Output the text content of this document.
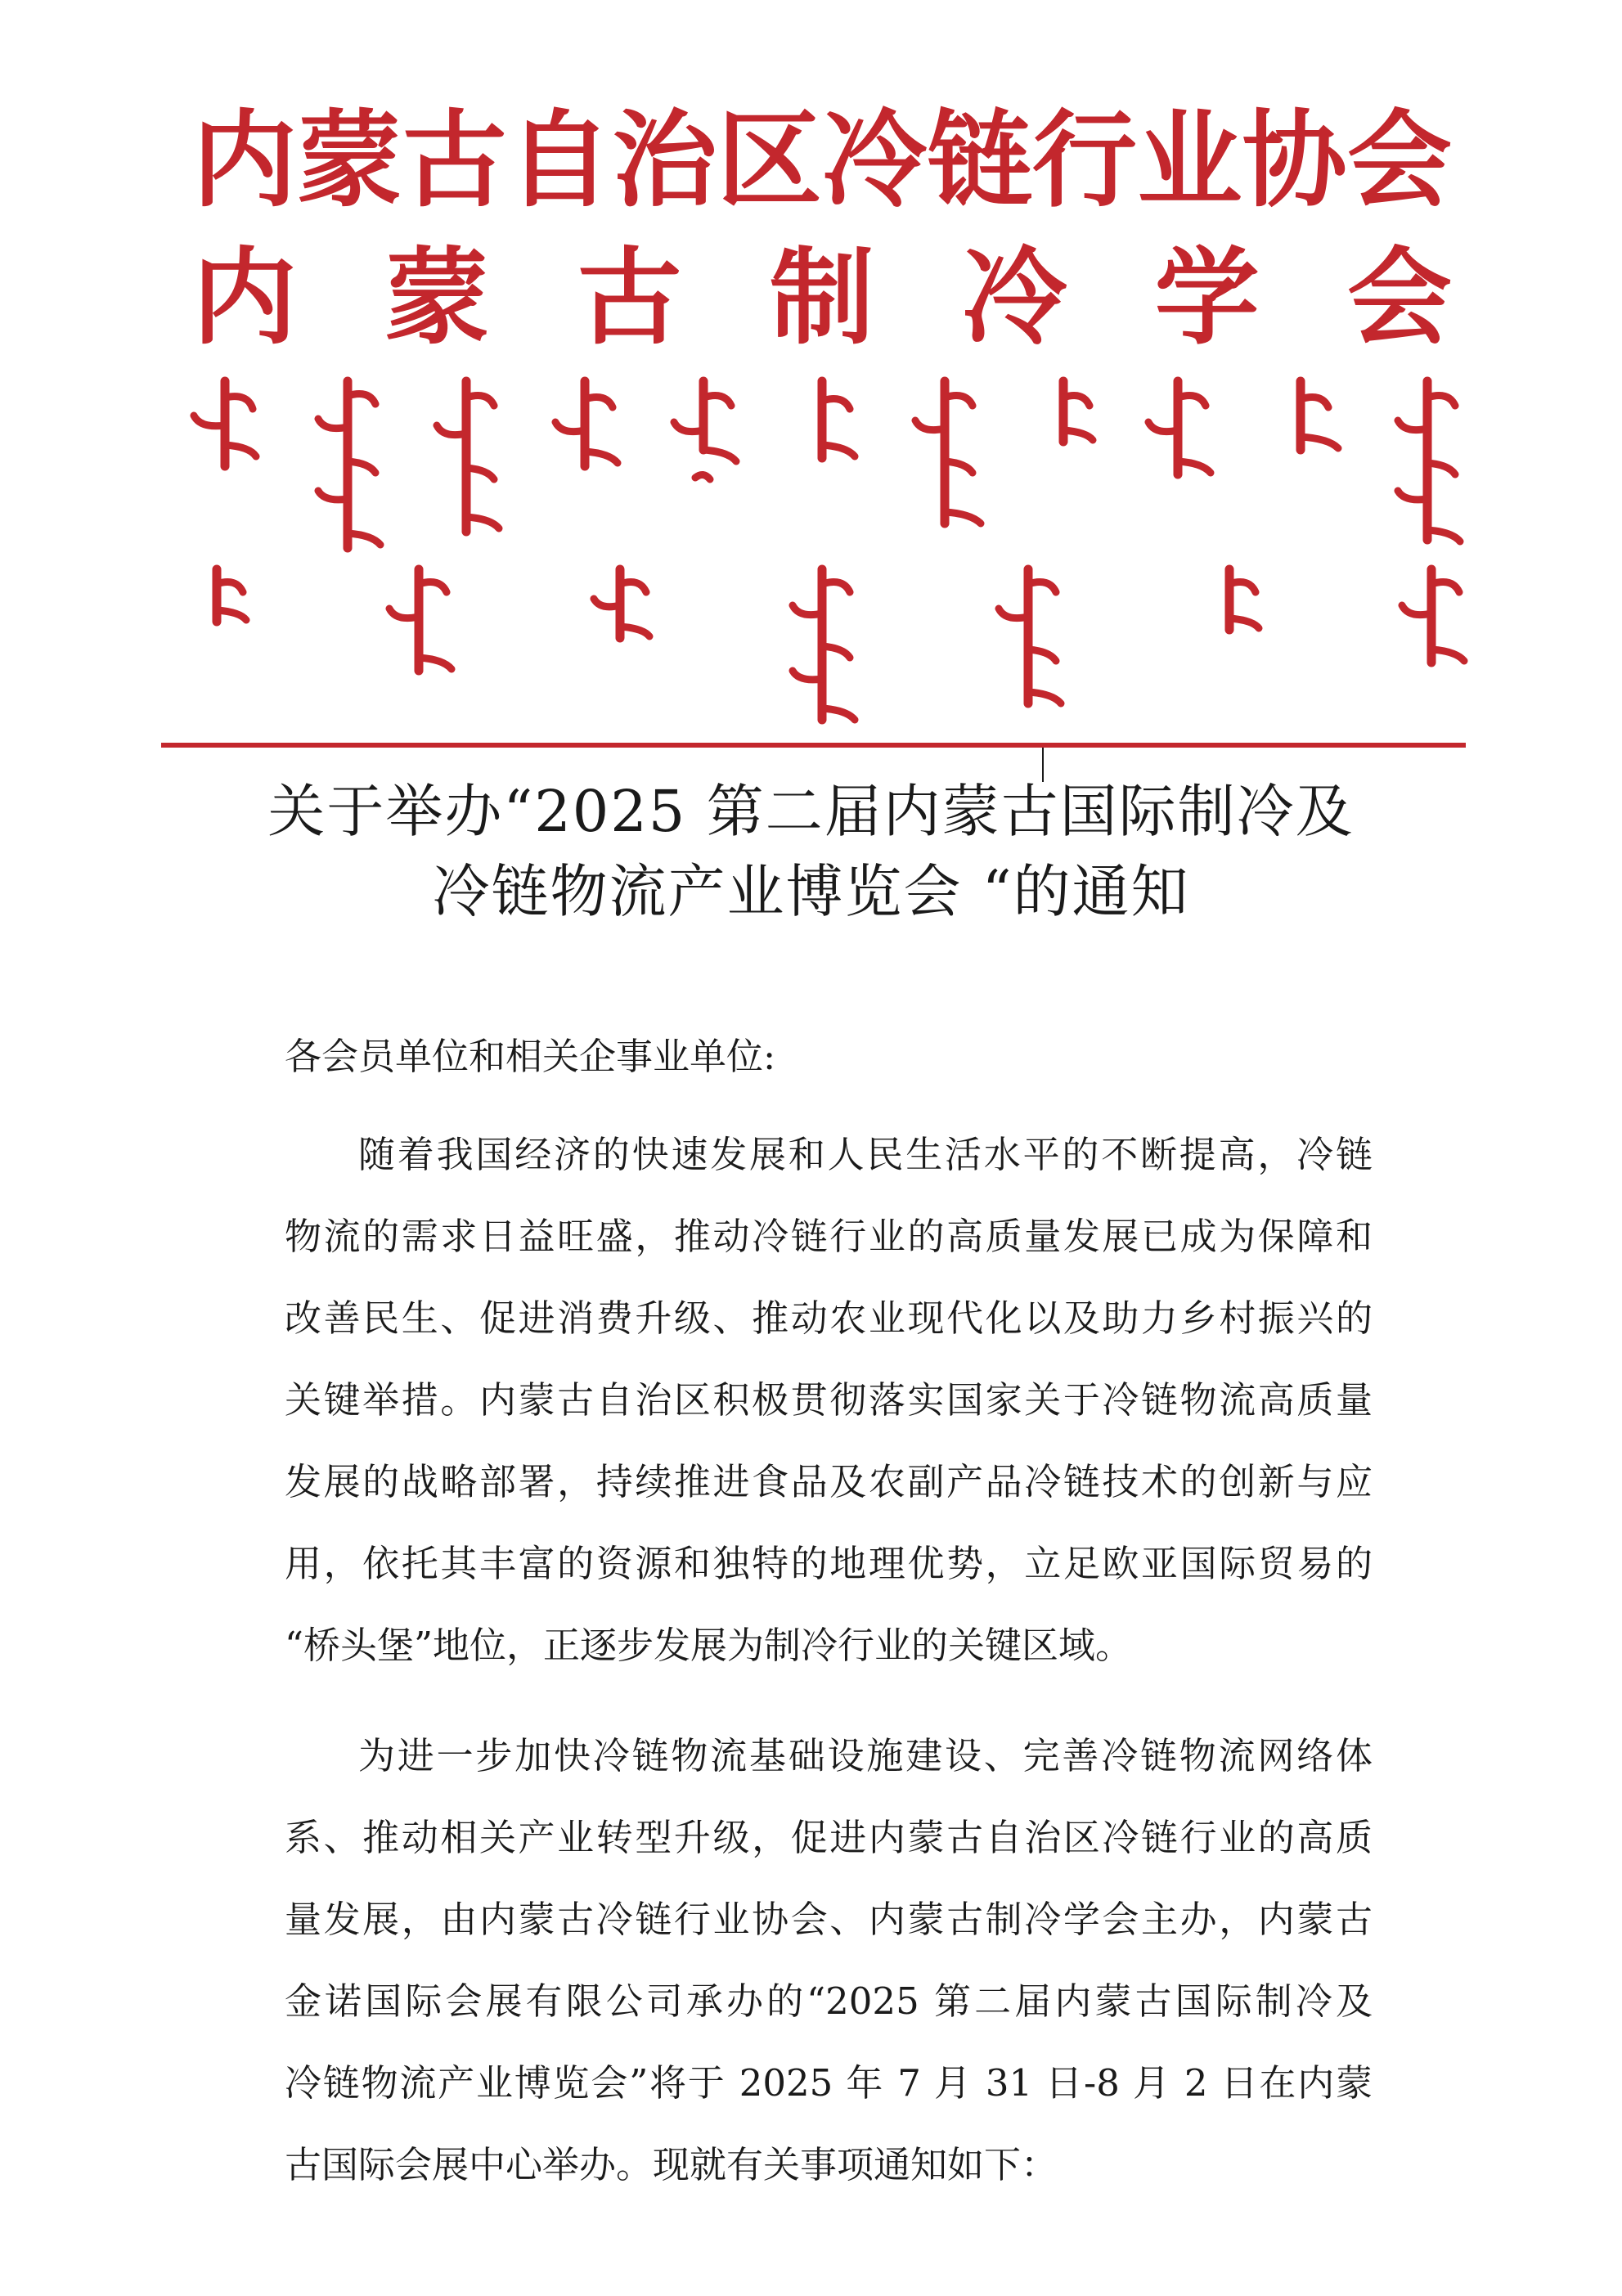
内 蒙 古 自 治 区 冷 链 行 业 协 会
内 蒙 古 制 冷 学 会
关于举办“2025 第二届内蒙古国际制冷及
冷链物流产业博览会 “的通知
各会员单位和相关企事业单位:
随着我国经济的快速发展和人民生活水平的不断提高，冷链
物流的需求日益旺盛，推动冷链行业的高质量发展已成为保障和
改善民生、促进消费升级、推动农业现代化以及助力乡村振兴的
关键举措。内蒙古自治区积极贯彻落实国家关于冷链物流高质量
发展的战略部署，持续推进食品及农副产品冷链技术的创新与应
用，依托其丰富的资源和独特的地理优势，立足欧亚国际贸易的
“桥头堡”地位，正逐步发展为制冷行业的关键区域。
为进一步加快冷链物流基础设施建设、完善冷链物流网络体
系、推动相关产业转型升级，促进内蒙古自治区冷链行业的高质
量发展，由内蒙古冷链行业协会、内蒙古制冷学会主办，内蒙古
金诺国际会展有限公司承办的“2025 第二届内蒙古国际制冷及
冷链物流产业博览会”将于 2025 年 7 月 31 日-8 月 2 日在内蒙
古国际会展中心举办。现就有关事项通知如下：
